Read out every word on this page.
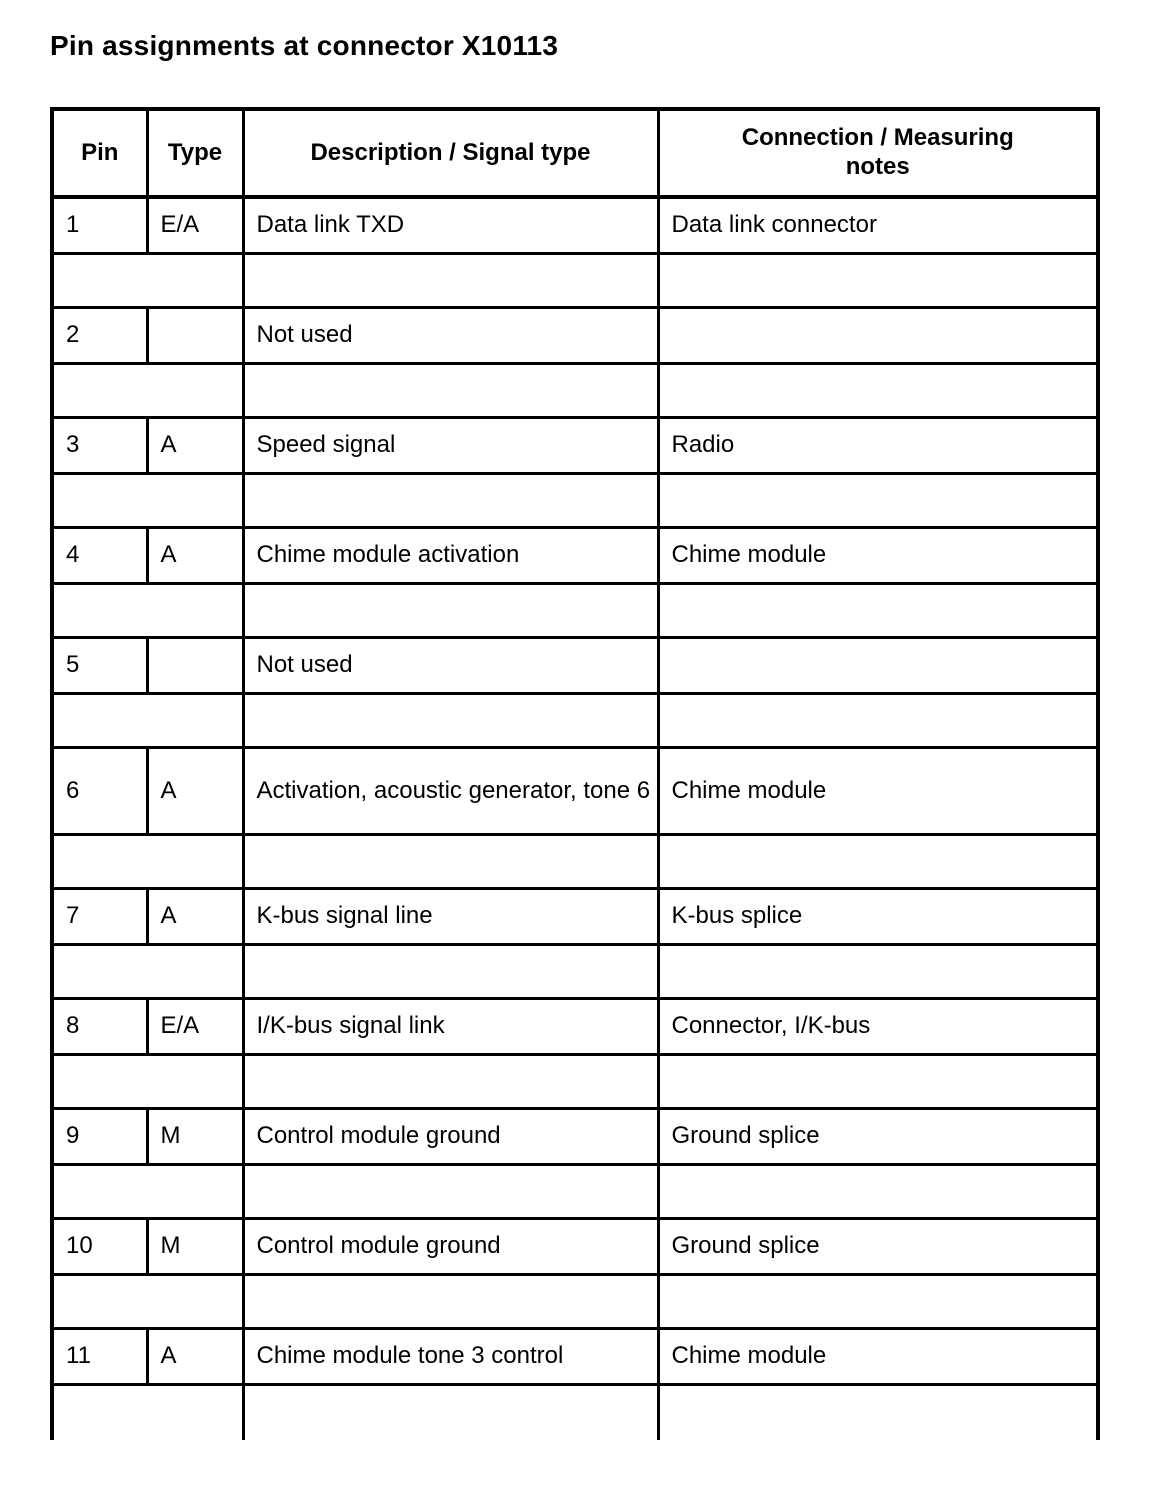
Pin assignments at connector X10113
Pin	Type	Description / Signal type	Connection / Measuring notes
1	E/A	Data link TXD	Data link connector

2		Not used	

3	A	Speed signal	Radio

4	A	Chime module activation	Chime module

5		Not used	

6	A	Activation, acoustic generator, tone 6	Chime module

7	A	K-bus signal line	K-bus splice

8	E/A	I/K-bus signal link	Connector, I/K-bus

9	M	Control module ground	Ground splice

10	M	Control module ground	Ground splice

11	A	Chime module tone 3 control	Chime module
